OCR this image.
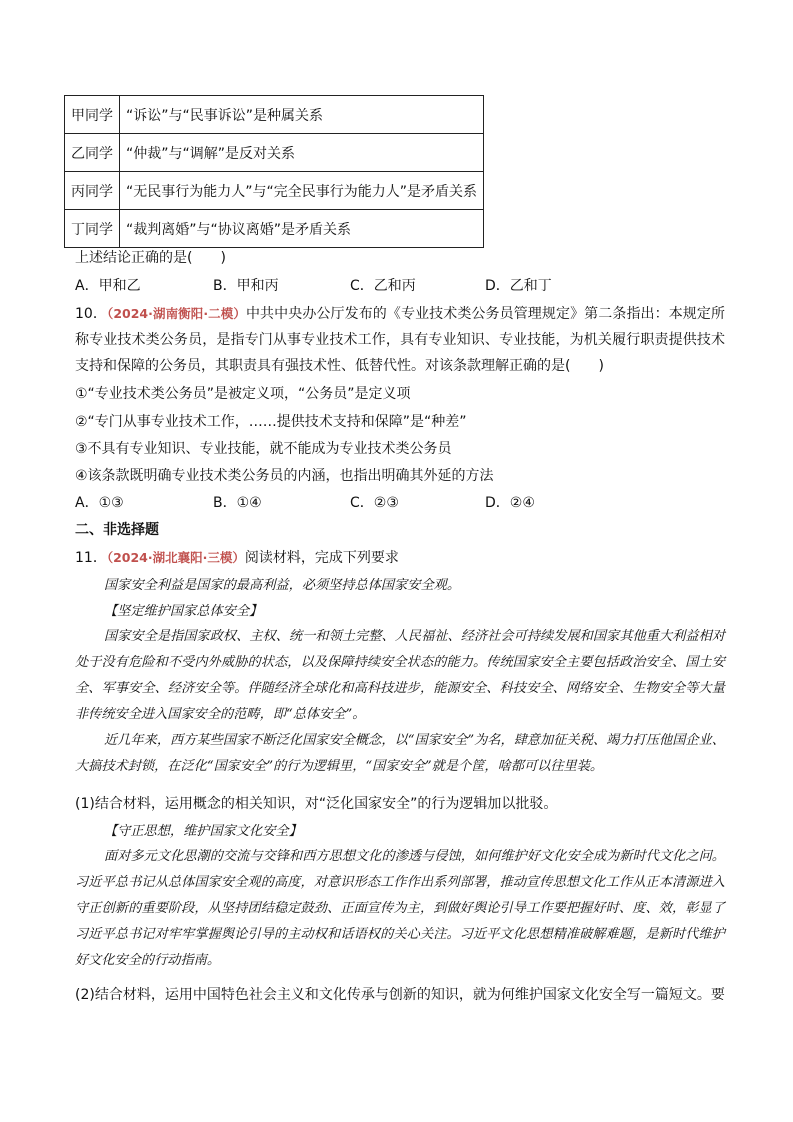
甲同学	“诉讼”与“民事诉讼”是种属关系
乙同学	“仲裁”与“调解”是反对关系
丙同学	“无民事行为能力人”与“完全民事行为能力人”是矛盾关系
丁同学	“裁判离婚”与“协议离婚”是矛盾关系
上述结论正确的是(　　)
A．甲和乙	B．甲和丙	C．乙和丙	D．乙和丁
10．（2024·湖南衡阳·二模）中共中央办公厅发布的《专业技术类公务员管理规定》第二条指出：本规定所称专业技术类公务员，是指专门从事专业技术工作，具有专业知识、专业技能，为机关履行职责提供技术支持和保障的公务员，其职责具有强技术性、低替代性。对该条款理解正确的是(　　)
①“专业技术类公务员”是被定义项，“公务员”是定义项
②“专门从事专业技术工作，……提供技术支持和保障”是“种差”
③不具有专业知识、专业技能，就不能成为专业技术类公务员
④该条款既明确专业技术类公务员的内涵，也指出明确其外延的方法
A．①③	B．①④	C．②③	D．②④
二、非选择题
11．（2024·湖北襄阳·三模）阅读材料，完成下列要求
国家安全利益是国家的最高利益，必须坚持总体国家安全观。
【坚定维护国家总体安全】

国家安全是指国家政权、主权、统一和领土完整、人民福祉、经济社会可持续发展和国家其他重大利益相对处于没有危险和不受内外威胁的状态，以及保障持续安全状态的能力。传统国家安全主要包括政治安全、国土安全、军事安全、经济安全等。伴随经济全球化和高科技进步，能源安全、科技安全、网络安全、生物安全等大量非传统安全进入国家安全的范畴，即“总体安全”。

近几年来，西方某些国家不断泛化国家安全概念，以“国家安全”为名，肆意加征关税、竭力打压他国企业、大搞技术封锁，在泛化“国家安全”的行为逻辑里，“国家安全”就是个筐，啥都可以往里装。

(1)结合材料，运用概念的相关知识，对“泛化国家安全”的行为逻辑加以批驳。
【守正思想，维护国家文化安全】

面对多元文化思潮的交流与交锋和西方思想文化的渗透与侵蚀，如何维护好文化安全成为新时代文化之问。习近平总书记从总体国家安全观的高度，对意识形态工作作出系列部署，推动宣传思想文化工作从正本清源进入守正创新的重要阶段，从坚持团结稳定鼓劲、正面宣传为主，到做好舆论引导工作要把握好时、度、效，彰显了习近平总书记对牢牢掌握舆论引导的主动权和话语权的关心关注。习近平文化思想精准破解难题，是新时代维护好文化安全的行动指南。

(2)结合材料，运用中国特色社会主义和文化传承与创新的知识，就为何维护国家文化安全写一篇短文。要
